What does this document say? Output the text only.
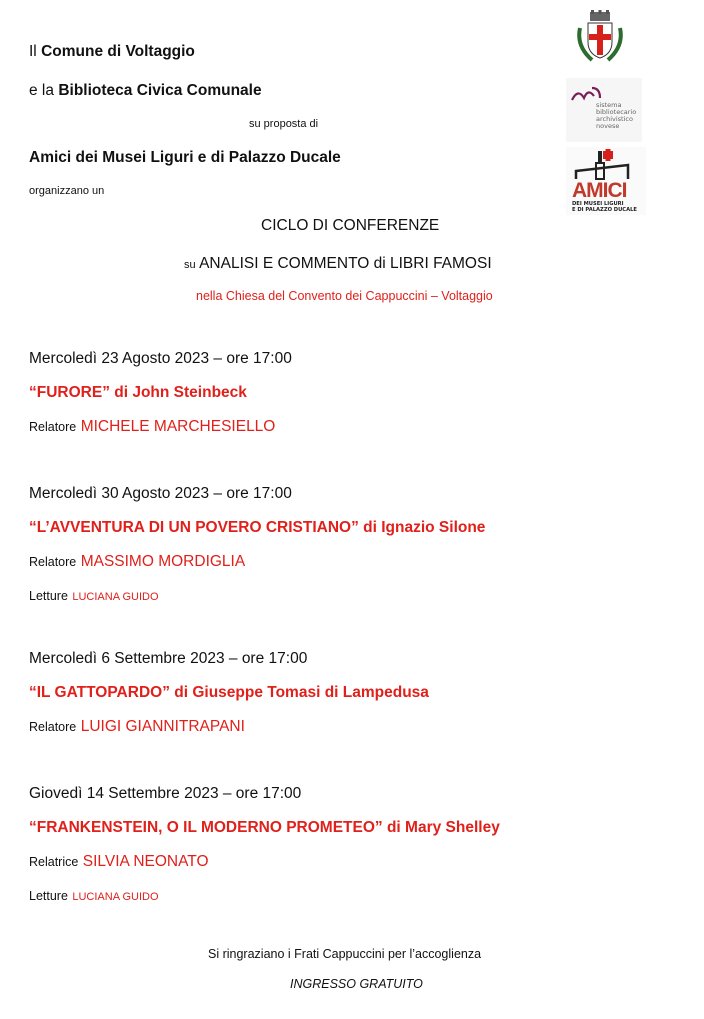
Il Comune di Voltaggio
e la Biblioteca Civica Comunale
su proposta di
Amici dei Musei Liguri e di Palazzo Ducale
organizzano un
sistema
bibliotecario
archivistico
novese
AMICI
DEI MUSEI LIGURI
E DI PALAZZO DUCALE
CICLO DI CONFERENZE
su ANALISI E COMMENTO di LIBRI FAMOSI
nella Chiesa del Convento dei Cappuccini – Voltaggio
Mercoledì 23 Agosto 2023 – ore 17:00
“FURORE” di John Steinbeck
Relatore MICHELE MARCHESIELLO
Mercoledì 30 Agosto 2023 – ore 17:00
“L’AVVENTURA DI UN POVERO CRISTIANO” di Ignazio Silone
Relatore MASSIMO MORDIGLIA
Letture LUCIANA GUIDO
Mercoledì 6 Settembre 2023 – ore 17:00
“IL GATTOPARDO” di Giuseppe Tomasi di Lampedusa
Relatore LUIGI GIANNITRAPANI
Giovedì 14 Settembre 2023 – ore 17:00
“FRANKENSTEIN, O IL MODERNO PROMETEO” di Mary Shelley
Relatrice SILVIA NEONATO
Letture LUCIANA GUIDO
Si ringraziano i Frati Cappuccini per l’accoglienza
INGRESSO GRATUITO
